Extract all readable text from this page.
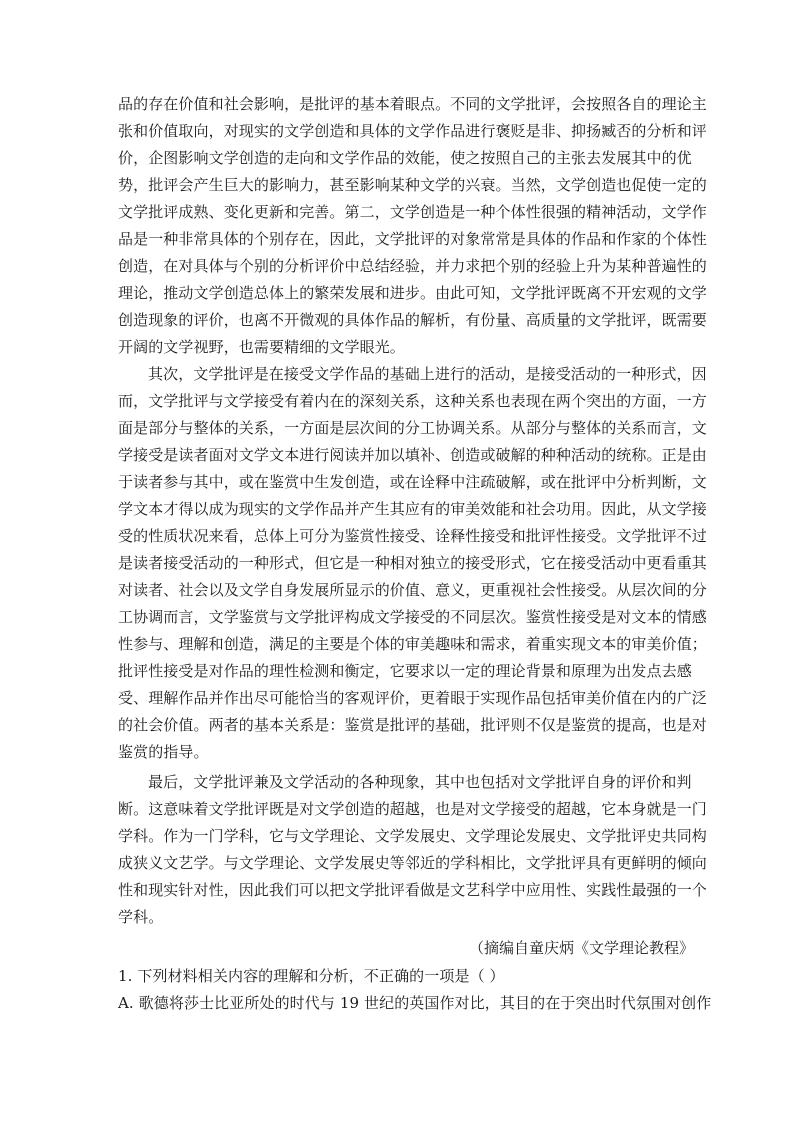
品的存在价值和社会影响，是批评的基本着眼点。不同的文学批评，会按照各自的理论主
张和价值取向，对现实的文学创造和具体的文学作品进行褒贬是非、抑扬臧否的分析和评
价，企图影响文学创造的走向和文学作品的效能，使之按照自己的主张去发展其中的优
势，批评会产生巨大的影响力，甚至影响某种文学的兴衰。当然，文学创造也促使一定的
文学批评成熟、变化更新和完善。第二，文学创造是一种个体性很强的精神活动，文学作
品是一种非常具体的个别存在，因此，文学批评的对象常常是具体的作品和作家的个体性
创造，在对具体与个别的分析评价中总结经验，并力求把个别的经验上升为某种普遍性的
理论，推动文学创造总体上的繁荣发展和进步。由此可知，文学批评既离不开宏观的文学
创造现象的评价，也离不开微观的具体作品的解析，有份量、高质量的文学批评，既需要
开阔的文学视野，也需要精细的文学眼光。
其次，文学批评是在接受文学作品的基础上进行的活动，是接受活动的一种形式，因
而，文学批评与文学接受有着内在的深刻关系，这种关系也表现在两个突出的方面，一方
面是部分与整体的关系，一方面是层次间的分工协调关系。从部分与整体的关系而言，文
学接受是读者面对文学文本进行阅读并加以填补、创造或破解的种种活动的统称。正是由
于读者参与其中，或在鉴赏中生发创造，或在诠释中注疏破解，或在批评中分析判断，文
学文本才得以成为现实的文学作品并产生其应有的审美效能和社会功用。因此，从文学接
受的性质状况来看，总体上可分为鉴赏性接受、诠释性接受和批评性接受。文学批评不过
是读者接受活动的一种形式，但它是一种相对独立的接受形式，它在接受活动中更看重其
对读者、社会以及文学自身发展所显示的价值、意义，更重视社会性接受。从层次间的分
工协调而言，文学鉴赏与文学批评构成文学接受的不同层次。鉴赏性接受是对文本的情感
性参与、理解和创造，满足的主要是个体的审美趣味和需求，着重实现文本的审美价值；
批评性接受是对作品的理性检测和衡定，它要求以一定的理论背景和原理为出发点去感
受、理解作品并作出尽可能恰当的客观评价，更着眼于实现作品包括审美价值在内的广泛
的社会价值。两者的基本关系是：鉴赏是批评的基础，批评则不仅是鉴赏的提高，也是对
鉴赏的指导。
最后，文学批评兼及文学活动的各种现象，其中也包括对文学批评自身的评价和判
断。这意味着文学批评既是对文学创造的超越，也是对文学接受的超越，它本身就是一门
学科。作为一门学科，它与文学理论、文学发展史、文学理论发展史、文学批评史共同构
成狭义文艺学。与文学理论、文学发展史等邻近的学科相比，文学批评具有更鲜明的倾向
性和现实针对性，因此我们可以把文学批评看做是文艺科学中应用性、实践性最强的一个
学科。
（摘编自童庆炳《文学理论教程》
1. 下列材料相关内容的理解和分析，不正确的一项是（ ）
A. 歌德将莎士比亚所处的时代与 19 世纪的英国作对比，其目的在于突出时代氛围对创作
